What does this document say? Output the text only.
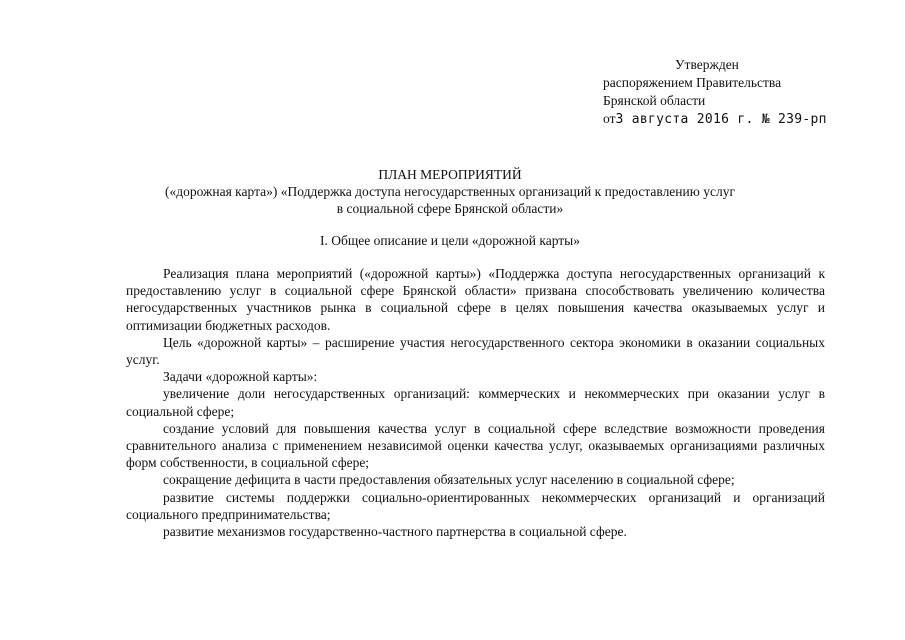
Утвержден
распоряжением Правительства
Брянской области
от3 августа 2016 г. № 239-рп
ПЛАН МЕРОПРИЯТИЙ
(«дорожная карта») «Поддержка доступа негосударственных организаций к предоставлению услуг
в социальной сфере Брянской области»
I. Общее описание и цели «дорожной карты»

Реализация плана мероприятий («дорожной карты») «Поддержка доступа негосударственных организаций к предоставлению услуг в социальной сфере Брянской области» призвана способствовать увеличению количества негосударственных участников рынка в социальной сфере в целях повышения качества оказываемых услуг и оптимизации бюджетных расходов.

Цель «дорожной карты» – расширение участия негосударственного сектора экономики в оказании социальных услуг.

Задачи «дорожной карты»:

увеличение доли негосударственных организаций: коммерческих и некоммерческих при оказании услуг в социальной сфере;

создание условий для повышения качества услуг в социальной сфере вследствие возможности проведения сравнительного анализа с применением независимой оценки качества услуг, оказываемых организациями различных форм собственности, в социальной сфере;

сокращение дефицита в части предоставления обязательных услуг населению в социальной сфере;

развитие системы поддержки социально-ориентированных некоммерческих организаций и организаций социального предпринимательства;

развитие механизмов государственно-частного партнерства в социальной сфере.
